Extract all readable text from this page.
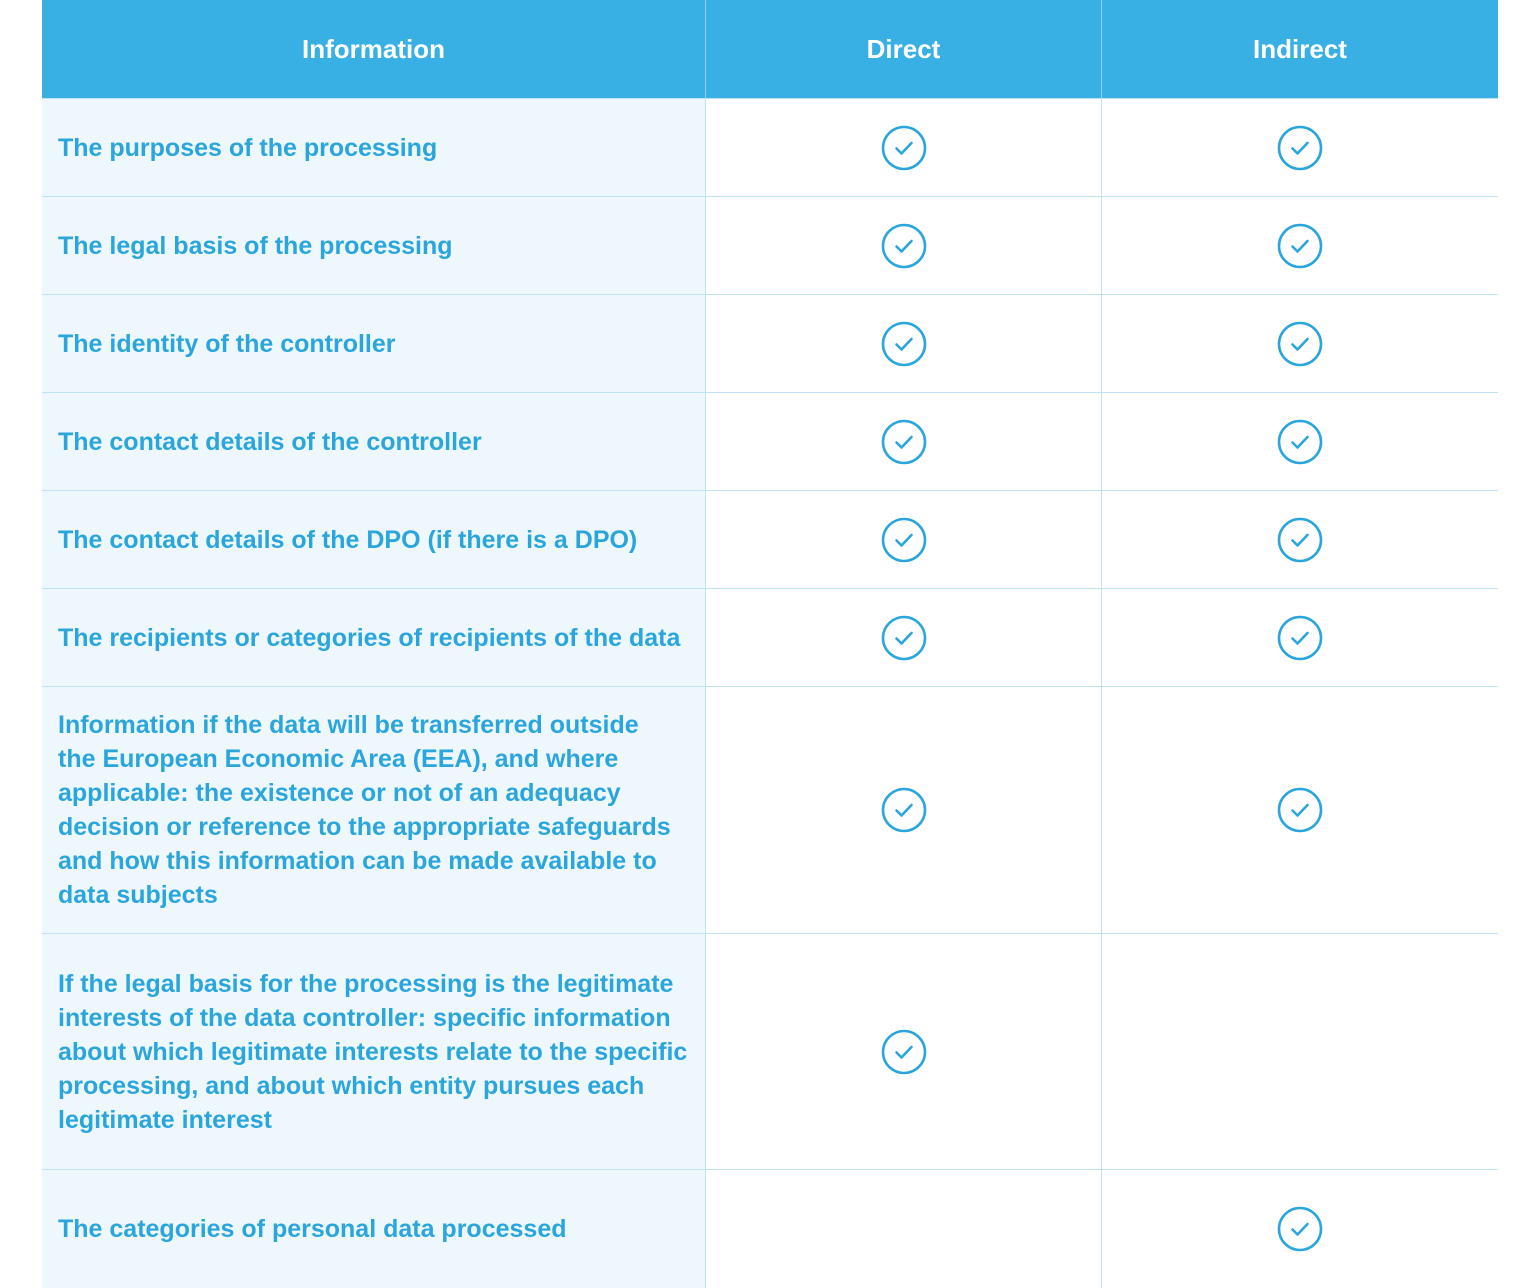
Information	Direct	Indirect
The purposes of the processing
The legal basis of the processing
The identity of the controller
The contact details of the controller
The contact details of the DPO (if there is a DPO)
The recipients or categories of recipients of the data
Information if the data will be transferred outside
the European Economic Area (EEA), and where
applicable: the existence or not of an adequacy
decision or reference to the appropriate safeguards
and how this information can be made available to
data subjects
If the legal basis for the processing is the legitimate
interests of the data controller: specific information
about which legitimate interests relate to the specific
processing, and about which entity pursues each
legitimate interest
The categories of personal data processed
